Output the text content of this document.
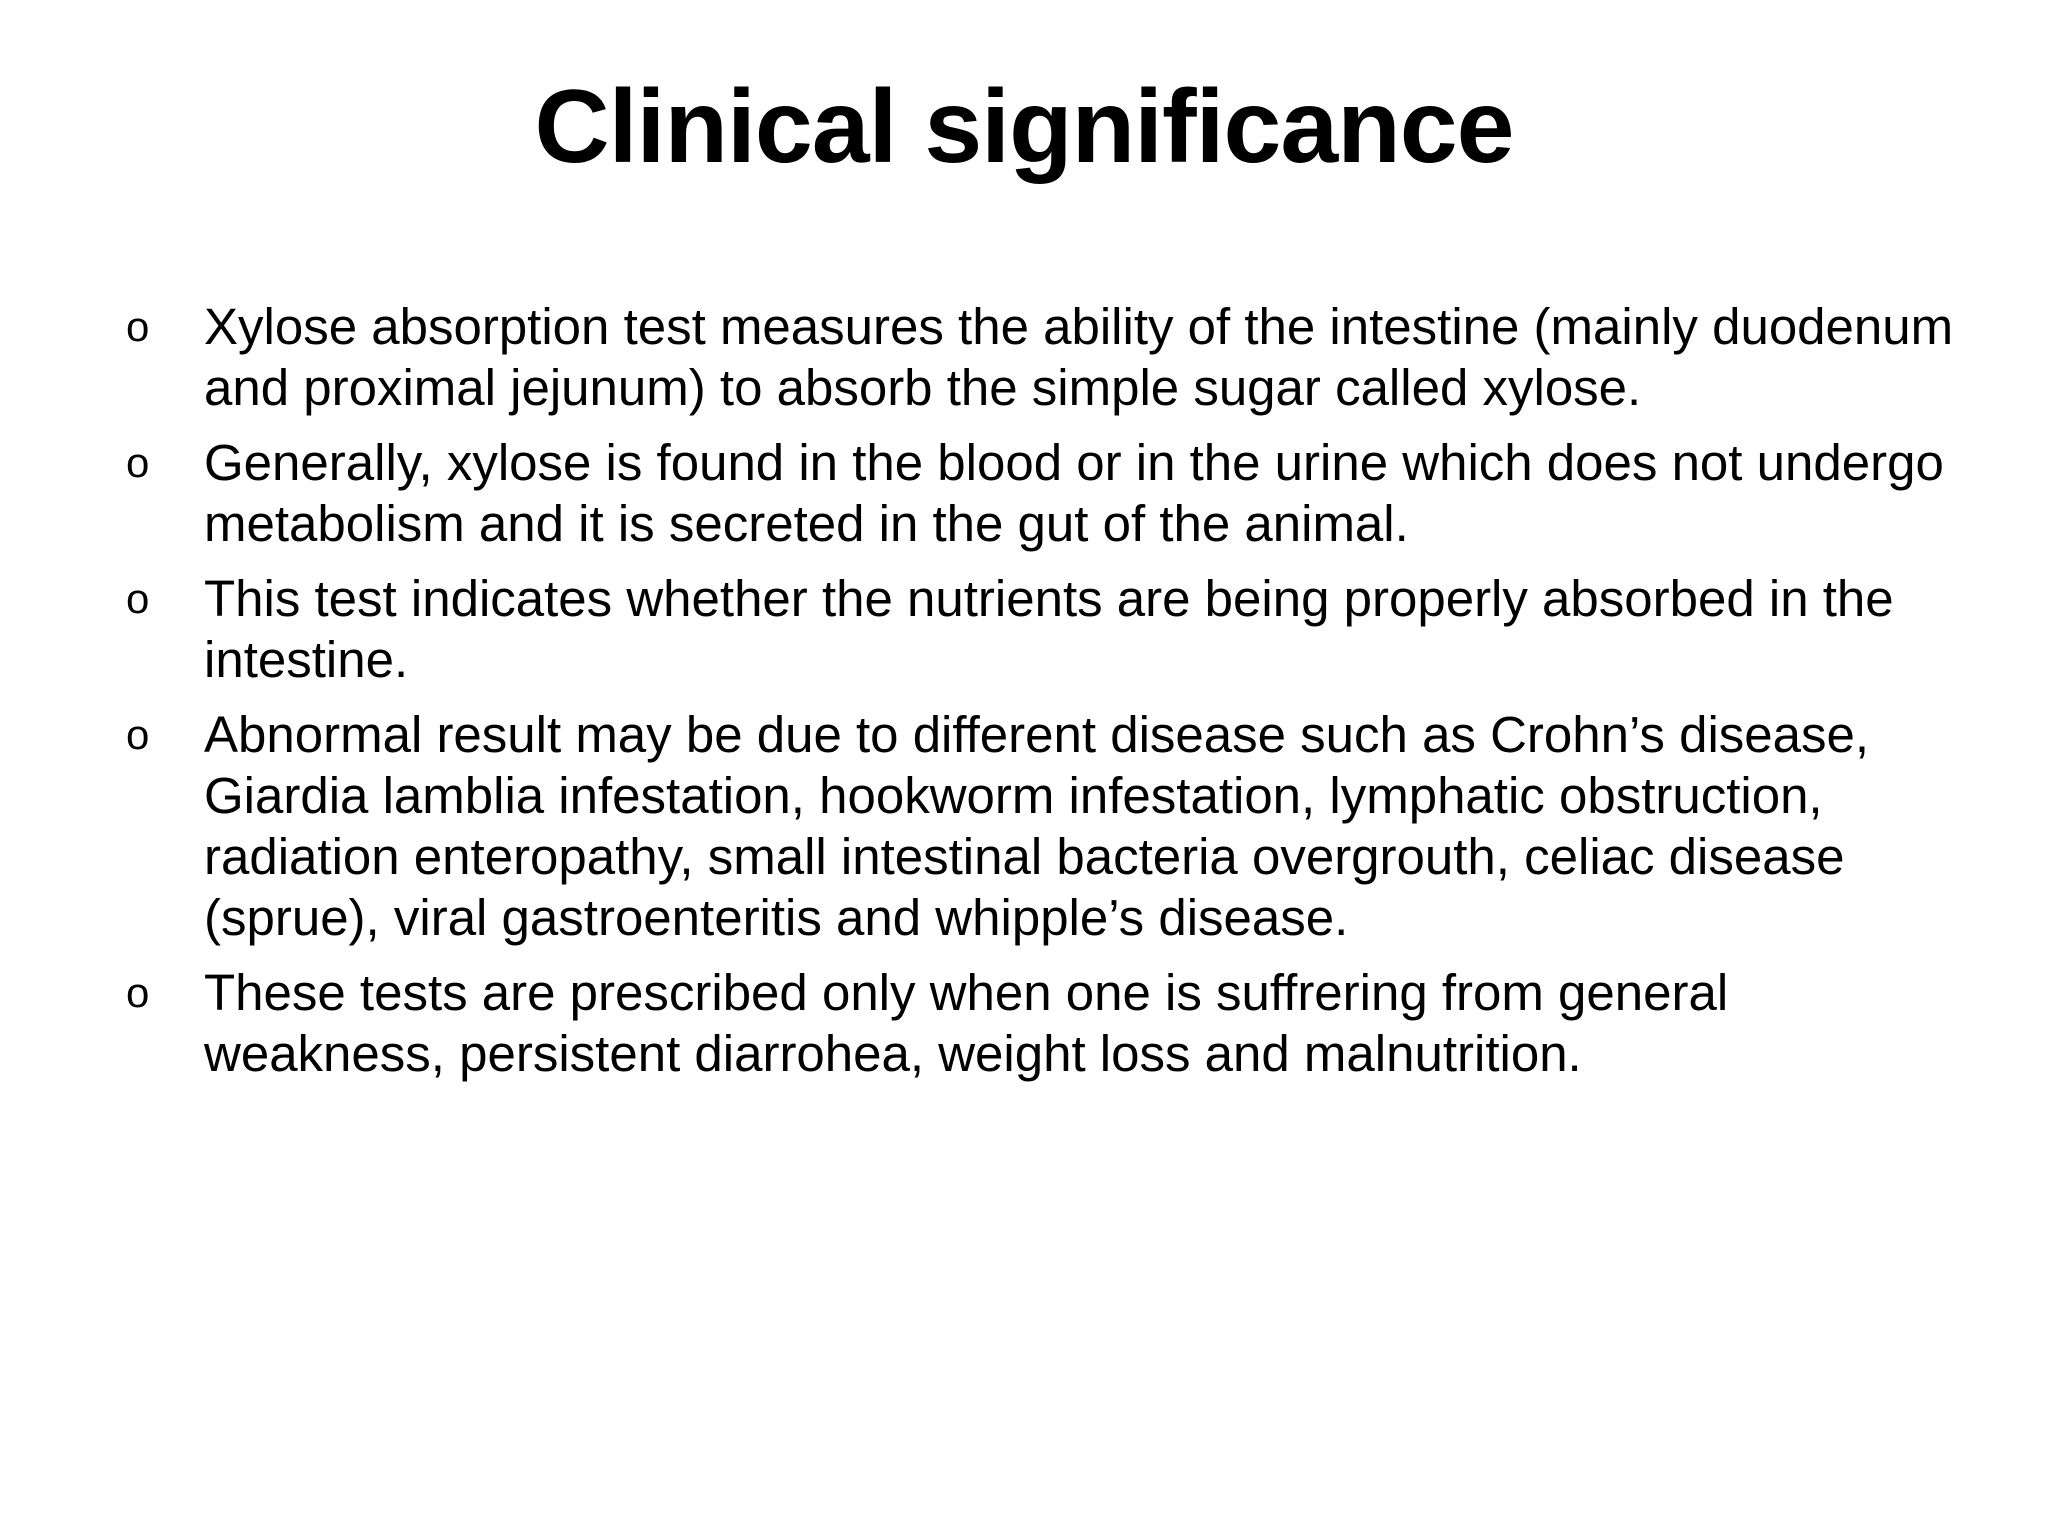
Clinical significance
o Xylose absorption test measures the ability of the intestine (mainly duodenum and proximal jejunum) to absorb the simple sugar called xylose.
o Generally, xylose is found in the blood or in the urine which does not undergo metabolism and it is secreted in the gut of the animal.
o This test indicates whether the nutrients are being properly absorbed in the intestine.
o Abnormal result may be due to different disease such as Crohn’s disease, Giardia lamblia infestation, hookworm infestation, lymphatic obstruction, radiation enteropathy, small intestinal bacteria overgrouth, celiac disease (sprue), viral gastroenteritis and whipple’s disease.
o These tests are prescribed only when one is suffrering from general weakness, persistent diarrohea, weight loss and malnutrition.
